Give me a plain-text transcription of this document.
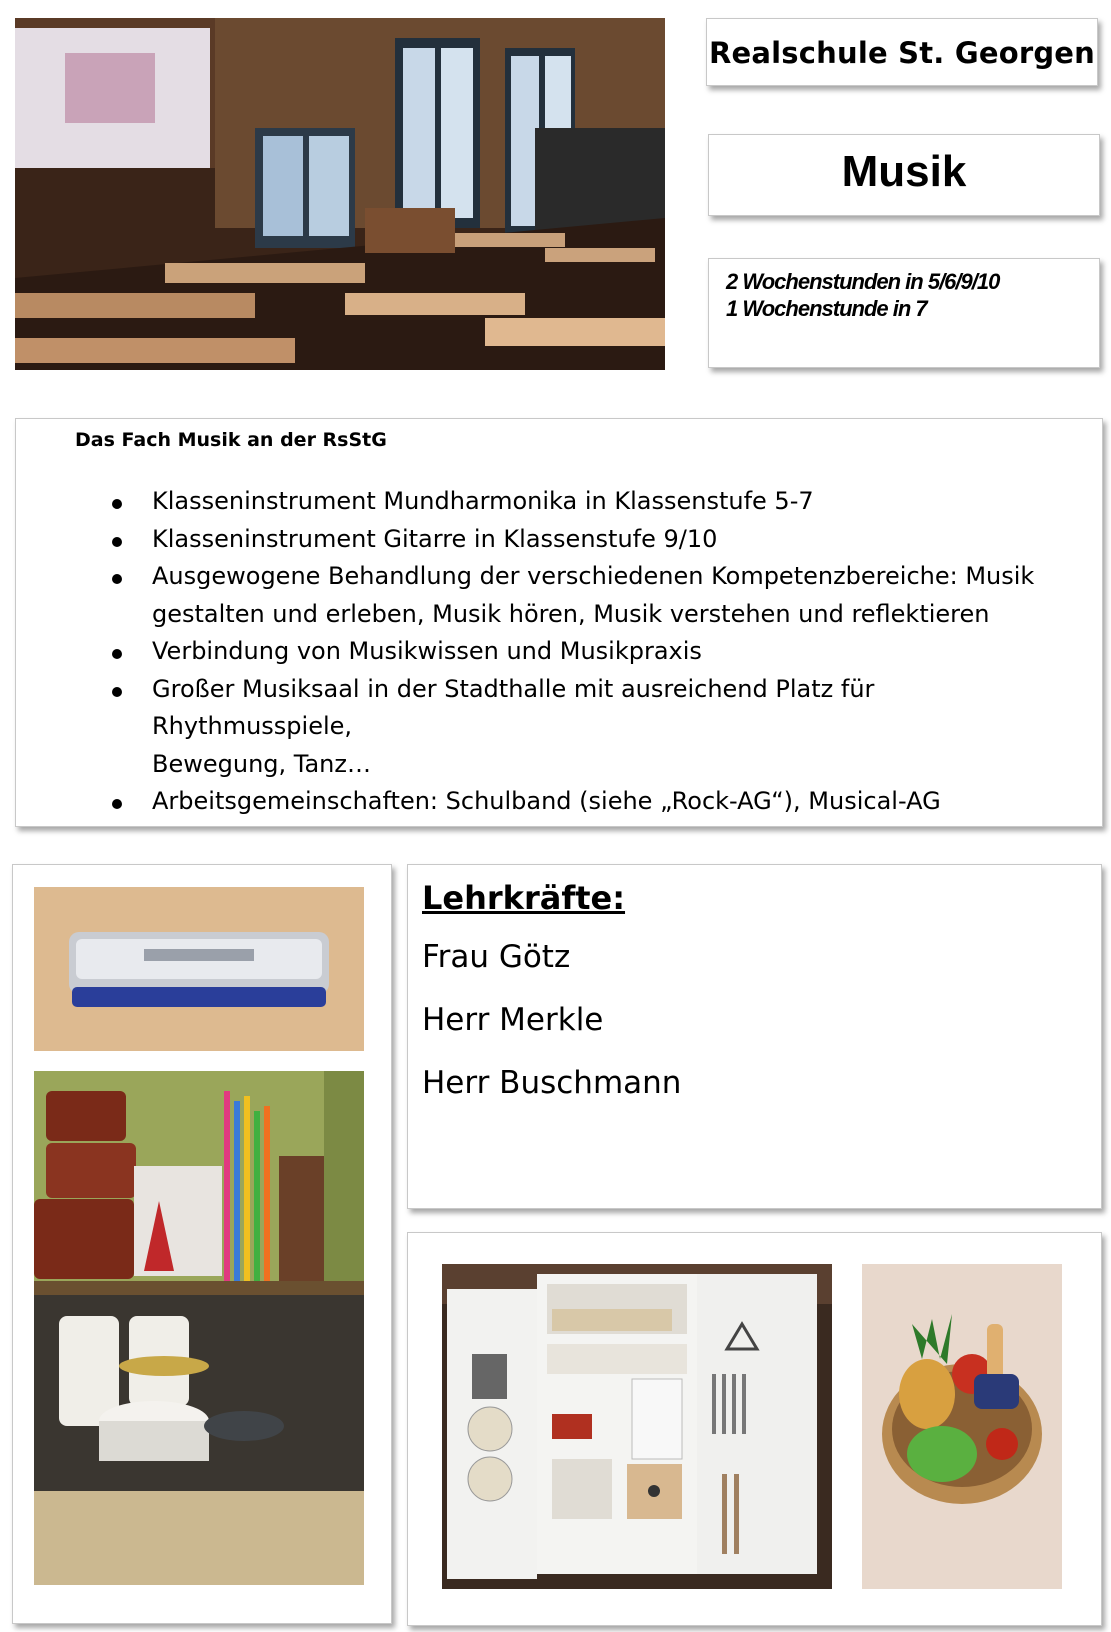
Realschule St. Georgen
Musik
2 Wochenstunden in 5/6/9/10
1 Wochenstunde in 7
Das Fach Musik an der RsStG
Klasseninstrument Mundharmonika in Klassenstufe 5-7
Klasseninstrument Gitarre in Klassenstufe 9/10
Ausgewogene Behandlung der verschiedenen Kompetenzbereiche: Musik
gestalten und erleben, Musik hören, Musik verstehen und reflektieren
Verbindung von Musikwissen und Musikpraxis
Großer Musiksaal in der Stadthalle mit ausreichend Platz für Rhythmusspiele,
Bewegung, Tanz…
Arbeitsgemeinschaften: Schulband (siehe „Rock-AG“), Musical-AG
Lehrkräfte:
Frau Götz
Herr Merkle
Herr Buschmann
